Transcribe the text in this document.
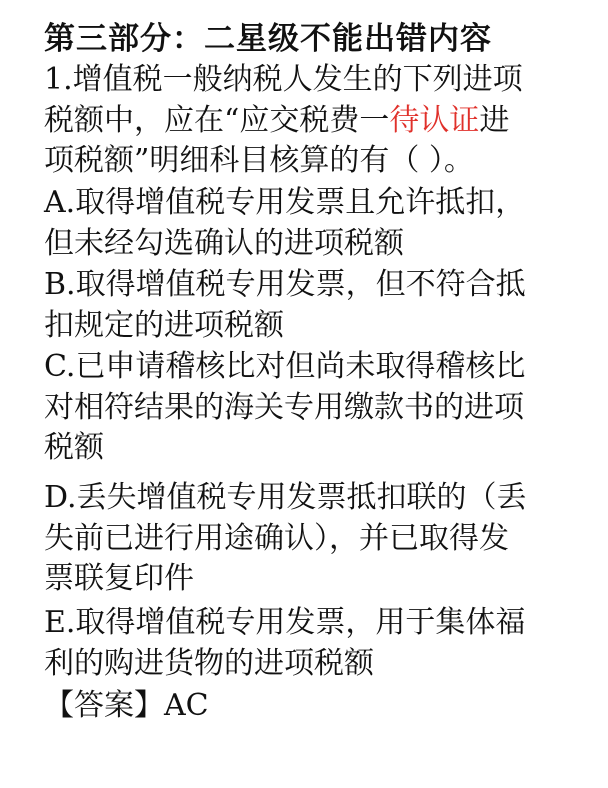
第三部分：二星级不能出错内容
1.增值税一般纳税人发生的下列进项
税额中，应在“应交税费一待认证进
项税额”明细科目核算的有（ ）。
A.取得增值税专用发票且允许抵扣，
但未经勾选确认的进项税额
B.取得增值税专用发票，但不符合抵
扣规定的进项税额
C.已申请稽核比对但尚未取得稽核比
对相符结果的海关专用缴款书的进项
税额
D.丢失增值税专用发票抵扣联的（丢
失前已进行用途确认），并已取得发
票联复印件
E.取得增值税专用发票，用于集体福
利的购进货物的进项税额
【答案】AC
